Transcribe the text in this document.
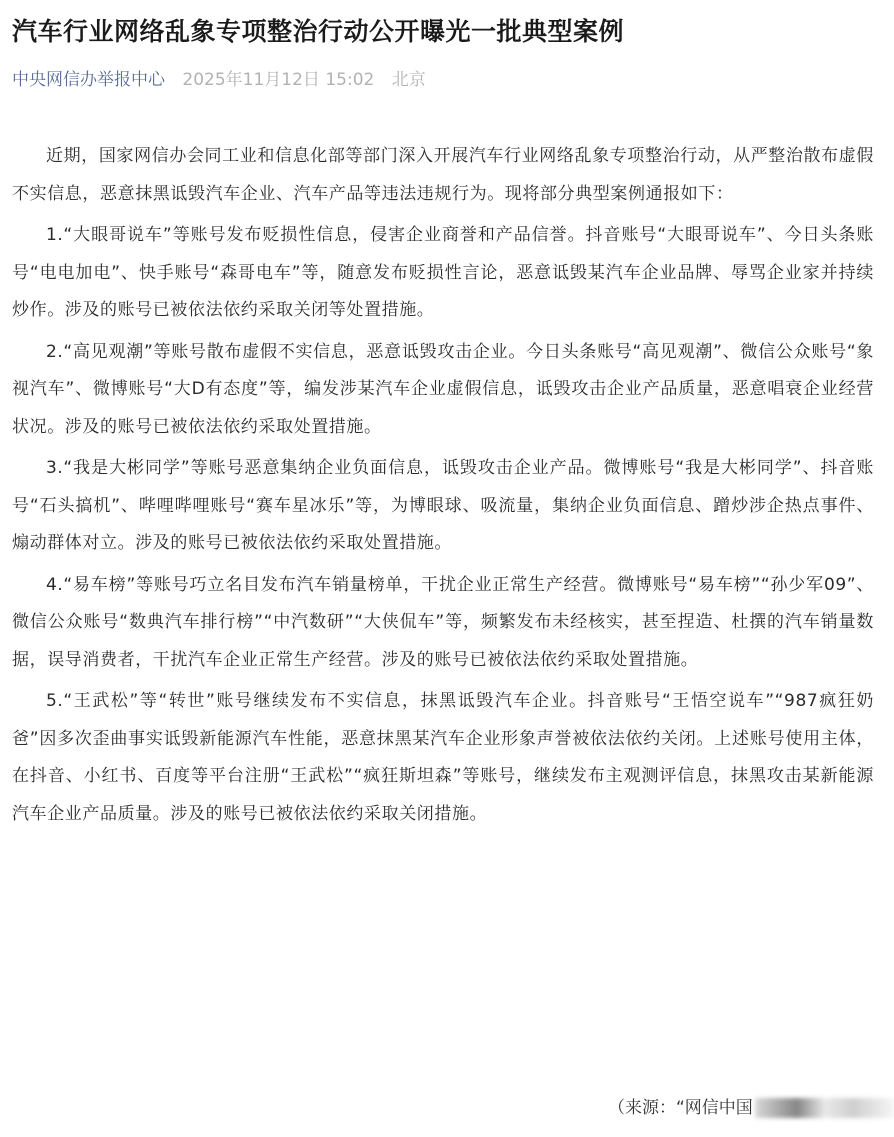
汽车行业网络乱象专项整治行动公开曝光一批典型案例
中央网信办举报中心 2025年11月12日 15:02 北京

近期，国家网信办会同工业和信息化部等部门深入开展汽车行业网络乱象专项整治行动，从严整治散布虚假不实信息，恶意抹黑诋毁汽车企业、汽车产品等违法违规行为。现将部分典型案例通报如下：

1.“大眼哥说车”等账号发布贬损性信息，侵害企业商誉和产品信誉。抖音账号“大眼哥说车”、今日头条账号“电电加电”、快手账号“森哥电车”等，随意发布贬损性言论，恶意诋毁某汽车企业品牌、辱骂企业家并持续炒作。涉及的账号已被依法依约采取关闭等处置措施。

2.“高见观潮”等账号散布虚假不实信息，恶意诋毁攻击企业。今日头条账号“高见观潮”、微信公众账号“象视汽车”、微博账号“大D有态度”等，编发涉某汽车企业虚假信息，诋毁攻击企业产品质量，恶意唱衰企业经营状况。涉及的账号已被依法依约采取处置措施。

3.“我是大彬同学”等账号恶意集纳企业负面信息，诋毁攻击企业产品。微博账号“我是大彬同学”、抖音账号“石头搞机”、哔哩哔哩账号“赛车星冰乐”等，为博眼球、吸流量，集纳企业负面信息、蹭炒涉企热点事件、煽动群体对立。涉及的账号已被依法依约采取处置措施。

4.“易车榜”等账号巧立名目发布汽车销量榜单，干扰企业正常生产经营。微博账号“易车榜”“孙少军09”、微信公众账号“数典汽车排行榜”“中汽数研”“大侠侃车”等，频繁发布未经核实，甚至捏造、杜撰的汽车销量数据，误导消费者，干扰汽车企业正常生产经营。涉及的账号已被依法依约采取处置措施。

5.“王武松”等“转世”账号继续发布不实信息，抹黑诋毁汽车企业。抖音账号“王悟空说车”“987疯狂奶爸”因多次歪曲事实诋毁新能源汽车性能，恶意抹黑某汽车企业形象声誉被依法依约关闭。上述账号使用主体，在抖音、小红书、百度等平台注册“王武松”“疯狂斯坦森”等账号，继续发布主观测评信息，抹黑攻击某新能源汽车企业产品质量。涉及的账号已被依法依约采取关闭措施。

（来源：“网信中国
